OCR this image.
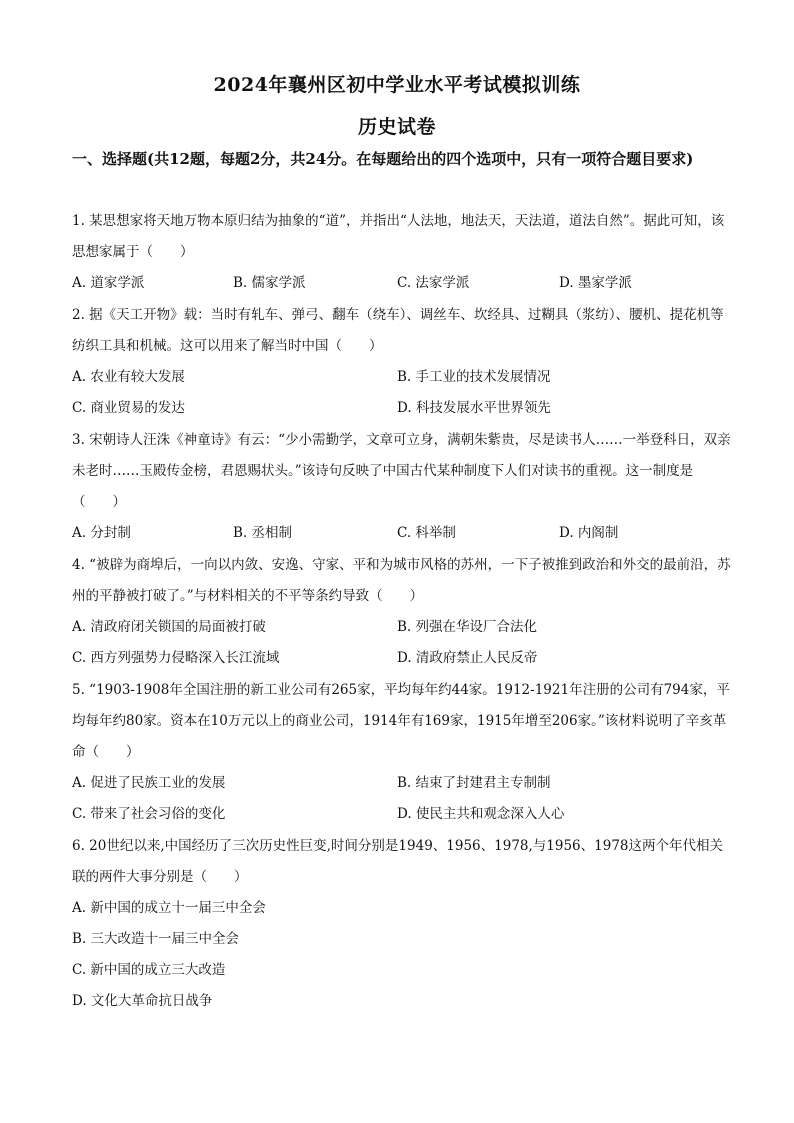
2024年襄州区初中学业水平考试模拟训练
历史试卷
一、选择题(共12题，每题2分，共24分。在每题给出的四个选项中，只有一项符合题目要求)
1. 某思想家将天地万物本原归结为抽象的“道”，并指出“人法地，地法天，天法道，道法自然”。据此可知，该思想家属于（　　）
A. 道家学派	B. 儒家学派	C. 法家学派	D. 墨家学派
2. 据《天工开物》载：当时有轧车、弹弓、翻车（绕车）、调丝车、坎经具、过糊具（浆纺）、腰机、提花机等纺织工具和机械。这可以用来了解当时中国（　　）
A. 农业有较大发展	B. 手工业的技术发展情况
C. 商业贸易的发达	D. 科技发展水平世界领先
3. 宋朝诗人汪洙《神童诗》有云：“少小需勤学，文章可立身，满朝朱紫贵，尽是读书人……一举登科日，双亲未老时……玉殿传金榜，君恩赐状头。”该诗句反映了中国古代某种制度下人们对读书的重视。这一制度是（　　）
A. 分封制	B. 丞相制	C. 科举制	D. 内阁制
4. “被辟为商埠后，一向以内敛、安逸、守家、平和为城市风格的苏州，一下子被推到政治和外交的最前沿，苏州的平静被打破了。”与材料相关的不平等条约导致（　　）
A. 清政府闭关锁国的局面被打破	B. 列强在华设厂合法化
C. 西方列强势力侵略深入长江流域	D. 清政府禁止人民反帝
5. “1903-1908年全国注册的新工业公司有265家，平均每年约44家。1912-1921年注册的公司有794家，平均每年约80家。资本在10万元以上的商业公司，1914年有169家，1915年增至206家。”该材料说明了辛亥革命（　　）
A. 促进了民族工业的发展	B. 结束了封建君主专制制
C. 带来了社会习俗的变化	D. 使民主共和观念深入人心
6. 20世纪以来,中国经历了三次历史性巨变,时间分别是1949、1956、1978,与1956、1978这两个年代相关联的两件大事分别是（　　）
A. 新中国的成立十一届三中全会
B. 三大改造十一届三中全会
C. 新中国的成立三大改造
D. 文化大革命抗日战争
